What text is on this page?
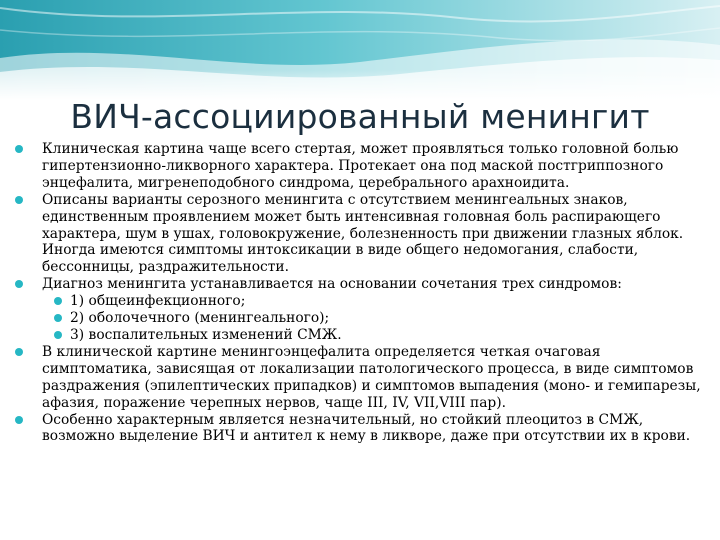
ВИЧ-ассоциированный менингит
Клиническая картина чаще всего стертая, может проявляться только головной болью гипертензионно-ликворного характера. Протекает она под маской постгриппозного энцефалита, мигренеподобного синдрома, церебрального арахноидита.
Описаны варианты серозного менингита с отсутствием менингеальных знаков, единственным проявлением может быть интенсивная головная боль распирающего характера, шум в ушах, головокружение, болезненность при движении глазных яблок. Иногда имеются симптомы интоксикации в виде общего недомогания, слабости, бессонницы, раздражительности.
Диагноз менингита устанавливается на основании сочетания трех синдромов:
1) общеинфекционного;
2) оболочечного (менингеального);
3) воспалительных изменений СМЖ.
В клинической картине менингоэнцефалита определяется четкая очаговая симптоматика, зависящая от локализации патологического процесса, в виде симптомов раздражения (эпилептических припадков) и симптомов выпадения (моно- и гемипарезы, афазия, поражение черепных нервов, чаще III, IV, VII,VIII пар).
Особенно характерным является незначительный, но стойкий плеоцитоз в СМЖ, возможно выделение ВИЧ и антител к нему в ликворе, даже при отсутствии их в крови.
